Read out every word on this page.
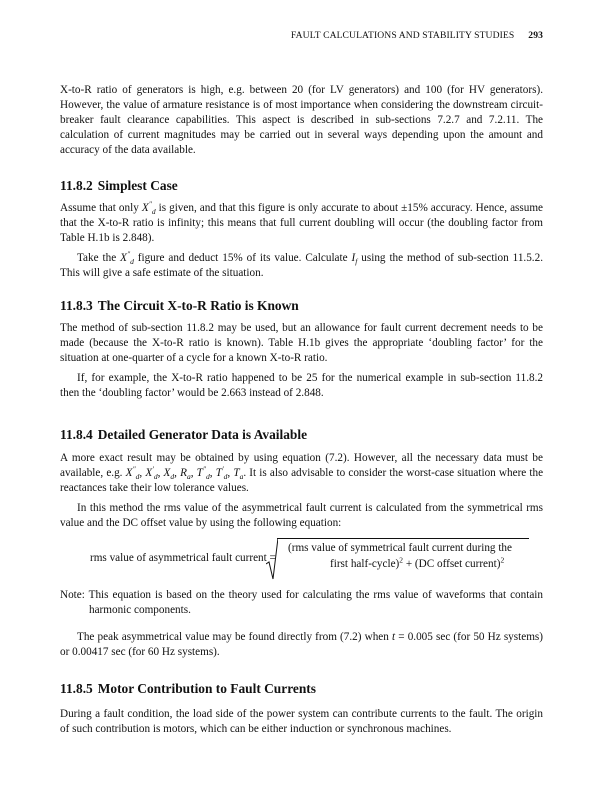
FAULT CALCULATIONS AND STABILITY STUDIES 293

X-to-R ratio of generators is high, e.g. between 20 (for LV generators) and 100 (for HV generators). However, the value of armature resistance is of most importance when considering the downstream circuit-breaker fault clearance capabilities. This aspect is described in sub-sections 7.2.7 and 7.2.11. The calculation of current magnitudes may be carried out in several ways depending upon the amount and accuracy of the data available.

11.8.2 Simplest Case

Assume that only $X''_d$ is given, and that this figure is only accurate to about ±15% accuracy. Hence, assume that the X-to-R ratio is infinity; this means that full current doubling will occur (the doubling factor from Table H.1b is 2.848).

Take the $X''_d$ figure and deduct 15% of its value. Calculate $I_f$ using the method of sub-section 11.5.2. This will give a safe estimate of the situation.

11.8.3 The Circuit X-to-R Ratio is Known

The method of sub-section 11.8.2 may be used, but an allowance for fault current decrement needs to be made (because the X-to-R ratio is known). Table H.1b gives the appropriate ‘doubling factor’ for the situation at one-quarter of a cycle for a known X-to-R ratio.

If, for example, the X-to-R ratio happened to be 25 for the numerical example in sub-section 11.8.2 then the ‘doubling factor’ would be 2.663 instead of 2.848.

11.8.4 Detailed Generator Data is Available

A more exact result may be obtained by using equation (7.2). However, all the necessary data must be available, e.g. $X''_d$, $X'_d$, $X_d$, $R_a$, $T''_d$, $T'_d$, $T_a$. It is also advisable to consider the worst-case situation where the reactances take their low tolerance values.

In this method the rms value of the asymmetrical fault current is calculated from the symmetrical rms value and the DC offset value by using the following equation:

rms value of asymmetrical fault current =
(rms value of symmetrical fault current during the
first half-cycle)$^2$ + (DC offset current)$^2$

Note: This equation is based on the theory used for calculating the rms value of waveforms that contain harmonic components.

The peak asymmetrical value may be found directly from (7.2) when t = 0.005 sec (for 50 Hz systems) or 0.00417 sec (for 60 Hz systems).

11.8.5 Motor Contribution to Fault Currents

During a fault condition, the load side of the power system can contribute currents to the fault. The origin of such contribution is motors, which can be either induction or synchronous machines.
